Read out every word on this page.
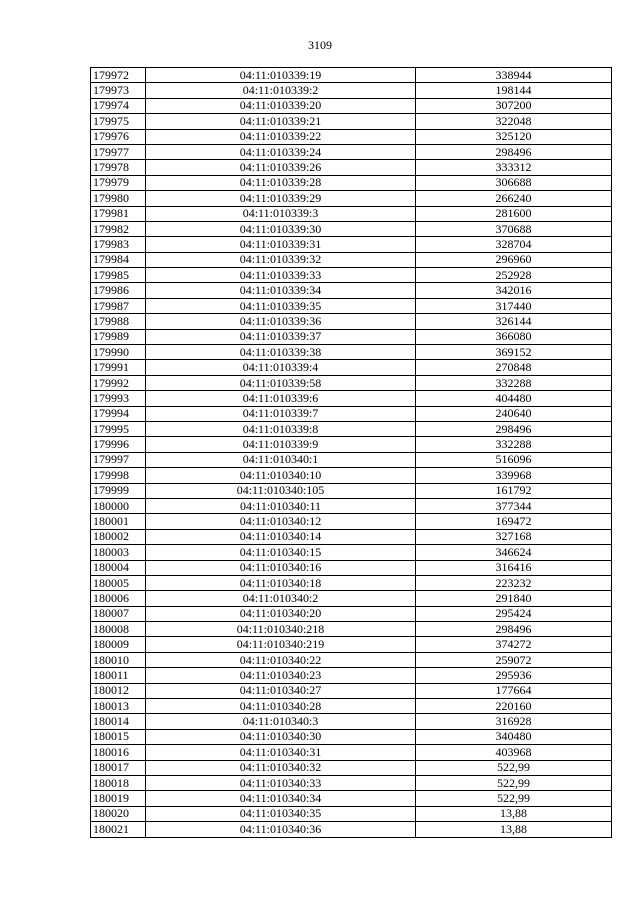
3109
179972	04:11:010339:19	338944
179973	04:11:010339:2	198144
179974	04:11:010339:20	307200
179975	04:11:010339:21	322048
179976	04:11:010339:22	325120
179977	04:11:010339:24	298496
179978	04:11:010339:26	333312
179979	04:11:010339:28	306688
179980	04:11:010339:29	266240
179981	04:11:010339:3	281600
179982	04:11:010339:30	370688
179983	04:11:010339:31	328704
179984	04:11:010339:32	296960
179985	04:11:010339:33	252928
179986	04:11:010339:34	342016
179987	04:11:010339:35	317440
179988	04:11:010339:36	326144
179989	04:11:010339:37	366080
179990	04:11:010339:38	369152
179991	04:11:010339:4	270848
179992	04:11:010339:58	332288
179993	04:11:010339:6	404480
179994	04:11:010339:7	240640
179995	04:11:010339:8	298496
179996	04:11:010339:9	332288
179997	04:11:010340:1	516096
179998	04:11:010340:10	339968
179999	04:11:010340:105	161792
180000	04:11:010340:11	377344
180001	04:11:010340:12	169472
180002	04:11:010340:14	327168
180003	04:11:010340:15	346624
180004	04:11:010340:16	316416
180005	04:11:010340:18	223232
180006	04:11:010340:2	291840
180007	04:11:010340:20	295424
180008	04:11:010340:218	298496
180009	04:11:010340:219	374272
180010	04:11:010340:22	259072
180011	04:11:010340:23	295936
180012	04:11:010340:27	177664
180013	04:11:010340:28	220160
180014	04:11:010340:3	316928
180015	04:11:010340:30	340480
180016	04:11:010340:31	403968
180017	04:11:010340:32	522,99
180018	04:11:010340:33	522,99
180019	04:11:010340:34	522,99
180020	04:11:010340:35	13,88
180021	04:11:010340:36	13,88
